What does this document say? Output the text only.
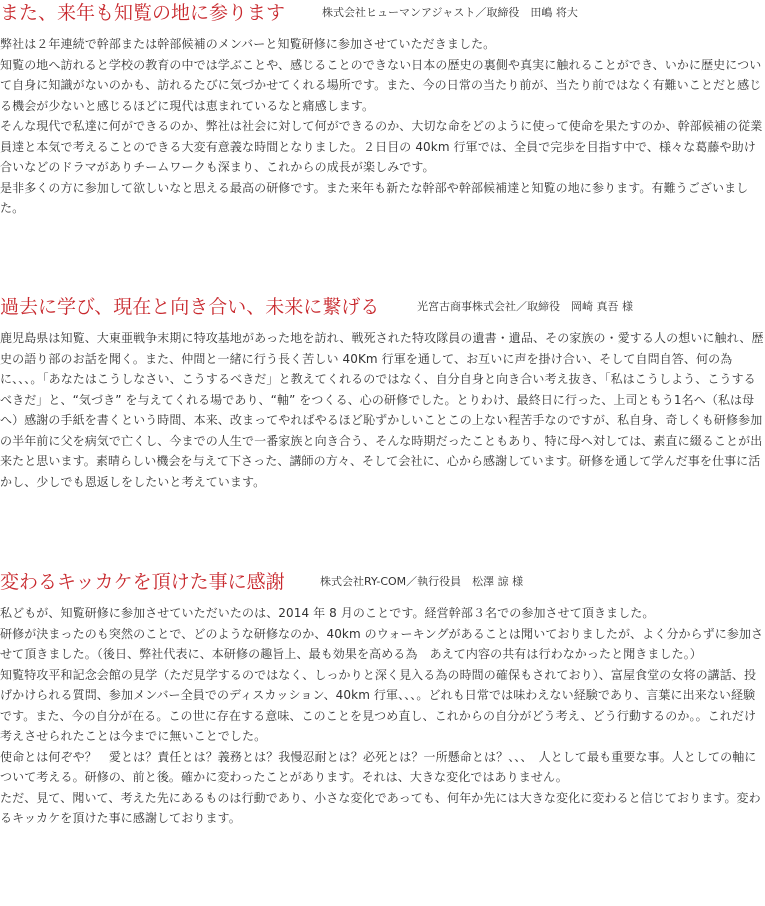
また、来年も知覧の地に参ります	株式会社ヒューマンアジャスト／取締役　田嶋 将大

弊社は２年連続で幹部または幹部候補のメンバーと知覧研修に参加させていただきました。

知覧の地へ訪れると学校の教育の中では学ぶことや、感じることのできない日本の歴史の裏側や真実に触れることができ、いかに歴史について自身に知識がないのかも、訪れるたびに気づかせてくれる場所です。また、今の日常の当たり前が、当たり前ではなく有難いことだと感じる機会が少ないと感じるほどに現代は恵まれているなと痛感します。

そんな現代で私達に何ができるのか、弊社は社会に対して何ができるのか、大切な命をどのように使って使命を果たすのか、幹部候補の従業員達と本気で考えることのできる大変有意義な時間となりました。２日目の 40km 行軍では、全員で完歩を目指す中で、様々な葛藤や助け合いなどのドラマがありチームワークも深まり、これからの成長が楽しみです。

是非多くの方に参加して欲しいなと思える最高の研修です。また来年も新たな幹部や幹部候補達と知覧の地に参ります。有難うございました。

過去に学び、現在と向き合い、未来に繋げる	光宮古商事株式会社／取締役　岡崎 真吾 様

鹿児島県は知覧、大東亜戦争末期に特攻基地があった地を訪れ、戦死された特攻隊員の遺書・遺品、その家族の・愛する人の想いに触れ、歴史の語り部のお話を聞く。また、仲間と一緒に行う長く苦しい 40Km 行軍を通して、お互いに声を掛け合い、そして自問自答、何の為に、、、。「あなたはこうしなさい、こうするべきだ」と教えてくれるのではなく、自分自身と向き合い考え抜き、「私はこうしよう、こうするべきだ」と、“気づき” を与えてくれる場であり、“軸” をつくる、心の研修でした。とりわけ、最終日に行った、上司ともう1名へ（私は母へ）感謝の手紙を書くという時間、本来、改まってやればやるほど恥ずかしいことこの上ない程苦手なのですが、私自身、奇しくも研修参加の半年前に父を病気で亡くし、今までの人生で一番家族と向き合う、そんな時期だったこともあり、特に母へ対しては、素直に綴ることが出来たと思います。素晴らしい機会を与えて下さった、講師の方々、そして会社に、心から感謝しています。研修を通して学んだ事を仕事に活かし、少しでも恩返しをしたいと考えています。

変わるキッカケを頂けた事に感謝	株式会社RY-COM／執行役員　松澤 諒 様

私どもが、知覧研修に参加させていただいたのは、2014 年 8 月のことです。経営幹部３名での参加させて頂きました。

研修が決まったのも突然のことで、どのような研修なのか、40km のウォーキングがあることは聞いておりましたが、よく分からずに参加させて頂きました。（後日、弊社代表に、本研修の趣旨上、最も効果を高める為　あえて内容の共有は行わなかったと聞きました。）

知覧特攻平和記念会館の見学（ただ見学するのではなく、しっかりと深く見入る為の時間の確保もされており）、富屋食堂の女将の講話、投げかけられる質問、参加メンバー全員でのディスカッション、40km 行軍、、、。どれも日常では味わえない経験であり、言葉に出来ない経験です。また、今の自分が在る。この世に存在する意味、このことを見つめ直し、これからの自分がどう考え、どう行動するのか。。これだけ考えさせられたことは今までに無いことでした。

使命とは何ぞや？　愛とは？責任とは？義務とは？我慢忍耐とは？必死とは？一所懸命とは？、、、　人として最も重要な事。人としての軸について考える。研修の、前と後。確かに変わったことがあります。それは、大きな変化ではありません。

ただ、見て、聞いて、考えた先にあるものは行動であり、小さな変化であっても、何年か先には大きな変化に変わると信じております。変わるキッカケを頂けた事に感謝しております。
